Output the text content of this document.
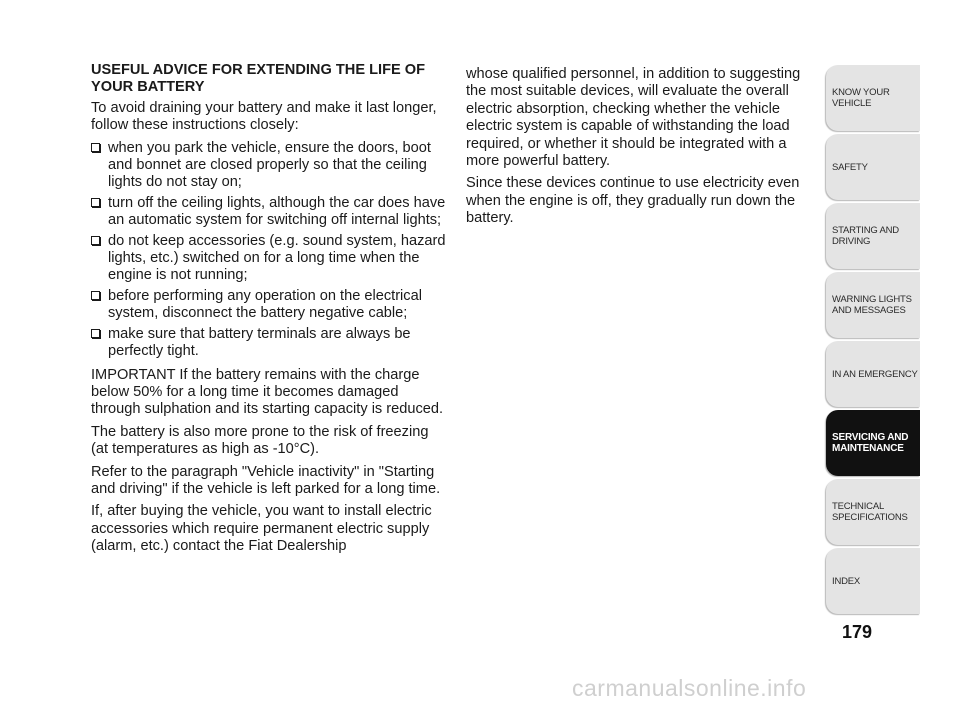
USEFUL ADVICE FOR EXTENDING THE LIFE OF YOUR BATTERY

To avoid draining your battery and make it last longer, follow these instructions closely:

when you park the vehicle, ensure the doors, boot and bonnet are closed properly so that the ceiling lights do not stay on;
turn off the ceiling lights, although the car does have an automatic system for switching off internal lights;
do not keep accessories (e.g. sound system, hazard lights, etc.) switched on for a long time when the engine is not running;
before performing any operation on the electrical system, disconnect the battery negative cable;
make sure that battery terminals are always be perfectly tight.

IMPORTANT If the battery remains with the charge below 50% for a long time it becomes damaged through sulphation and its starting capacity is reduced.

The battery is also more prone to the risk of freezing (at temperatures as high as -10°C).

Refer to the paragraph "Vehicle inactivity" in "Starting and driving" if the vehicle is left parked for a long time.

If, after buying the vehicle, you want to install electric accessories which require permanent electric supply (alarm, etc.) contact the Fiat Dealership

whose qualified personnel, in addition to suggesting the most suitable devices, will evaluate the overall electric absorption, checking whether the vehicle electric system is capable of withstanding the load required, or whether it should be integrated with a more powerful battery.

Since these devices continue to use electricity even when the engine is off, they gradually run down the battery.

KNOW YOUR
VEHICLE
SAFETY
STARTING AND
DRIVING
WARNING LIGHTS
AND MESSAGES
IN AN EMERGENCY
SERVICING AND
MAINTENANCE
TECHNICAL
SPECIFICATIONS
INDEX
179
carmanualsonline.info
